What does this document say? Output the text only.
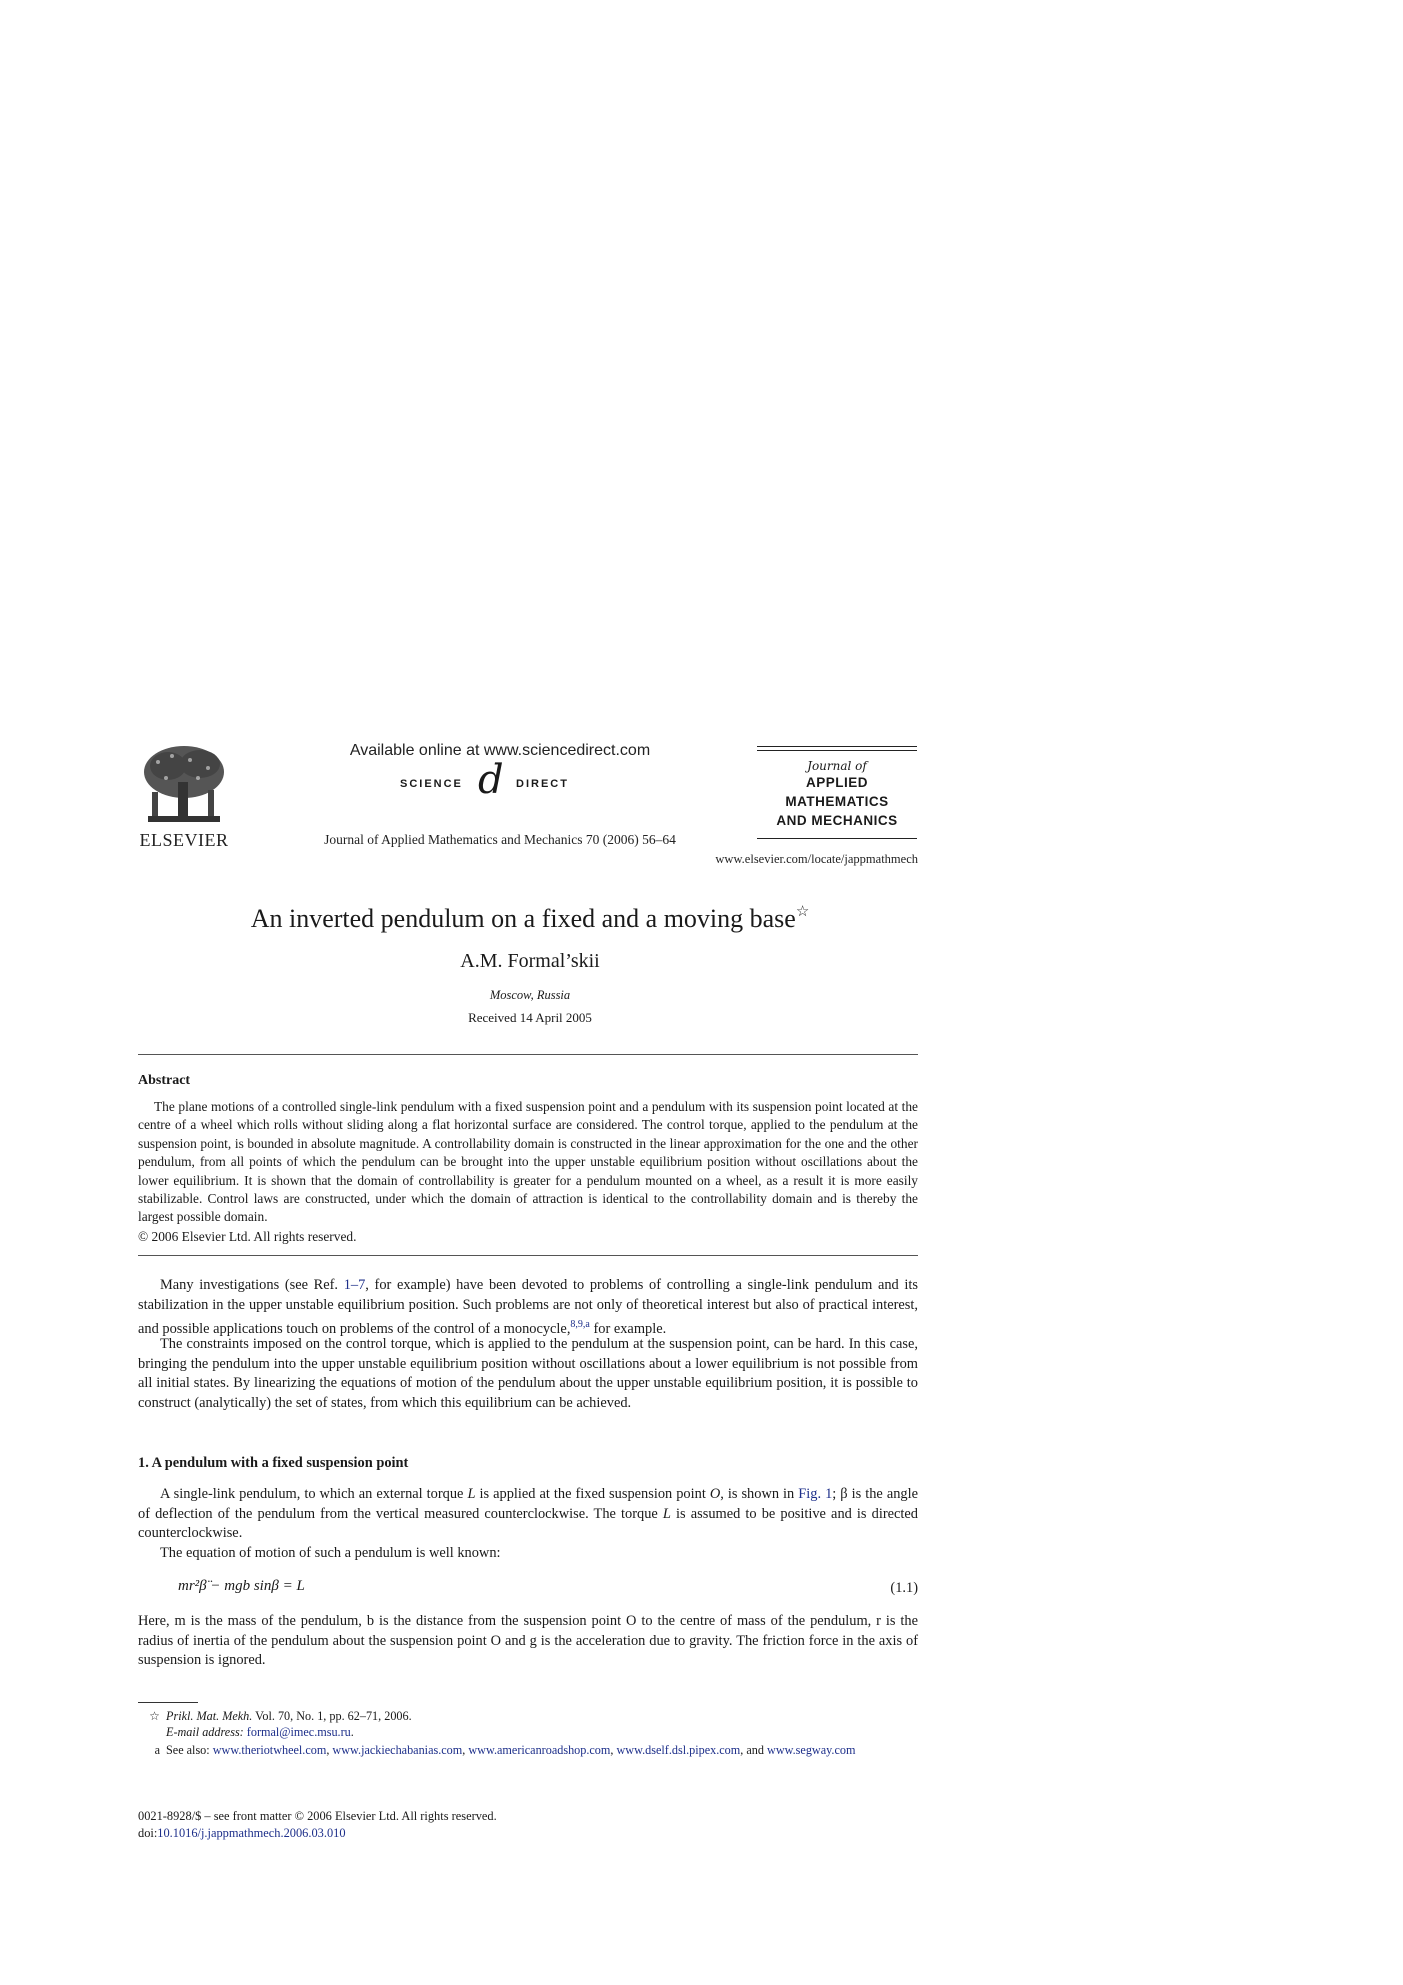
ELSEVIER
Available online at www.sciencedirect.com
SCIENCE d DIRECT
Journal of Applied Mathematics and Mechanics 70 (2006) 56–64
Journal of
APPLIED
MATHEMATICS
AND MECHANICS
www.elsevier.com/locate/jappmathmech
An inverted pendulum on a fixed and a moving base☆
A.M. Formal’skii
Moscow, Russia
Received 14 April 2005
Abstract

The plane motions of a controlled single-link pendulum with a fixed suspension point and a pendulum with its suspension point located at the centre of a wheel which rolls without sliding along a flat horizontal surface are considered. The control torque, applied to the pendulum at the suspension point, is bounded in absolute magnitude. A controllability domain is constructed in the linear approximation for the one and the other pendulum, from all points of which the pendulum can be brought into the upper unstable equilibrium position without oscillations about the lower equilibrium. It is shown that the domain of controllability is greater for a pendulum mounted on a wheel, as a result it is more easily stabilizable. Control laws are constructed, under which the domain of attraction is identical to the controllability domain and is thereby the largest possible domain.

© 2006 Elsevier Ltd. All rights reserved.

Many investigations (see Ref. 1–7, for example) have been devoted to problems of controlling a single-link pendulum and its stabilization in the upper unstable equilibrium position. Such problems are not only of theoretical interest but also of practical interest, and possible applications touch on problems of the control of a monocycle,$^{8,9,a}$ for example.

The constraints imposed on the control torque, which is applied to the pendulum at the suspension point, can be hard. In this case, bringing the pendulum into the upper unstable equilibrium position without oscillations about a lower equilibrium is not possible from all initial states. By linearizing the equations of motion of the pendulum about the upper unstable equilibrium position, it is possible to construct (analytically) the set of states, from which this equilibrium can be achieved.

1. A pendulum with a fixed suspension point

A single-link pendulum, to which an external torque L is applied at the fixed suspension point O, is shown in Fig. 1; β is the angle of deflection of the pendulum from the vertical measured counterclockwise. The torque L is assumed to be positive and is directed counterclockwise.

The equation of motion of such a pendulum is well known:

mr²β̈ − mgb sinβ = L	(1.1)

Here, m is the mass of the pendulum, b is the distance from the suspension point O to the centre of mass of the pendulum, r is the radius of inertia of the pendulum about the suspension point O and g is the acceleration due to gravity. The friction force in the axis of suspension is ignored.

☆ Prikl. Mat. Mekh. Vol. 70, No. 1, pp. 62–71, 2006.
E-mail address: formal@imec.msu.ru.
a See also: www.theriotwheel.com, www.jackiechabanias.com, www.americanroadshop.com, www.dself.dsl.pipex.com, and www.segway.com
0021-8928/$ – see front matter © 2006 Elsevier Ltd. All rights reserved.
doi:10.1016/j.jappmathmech.2006.03.010
